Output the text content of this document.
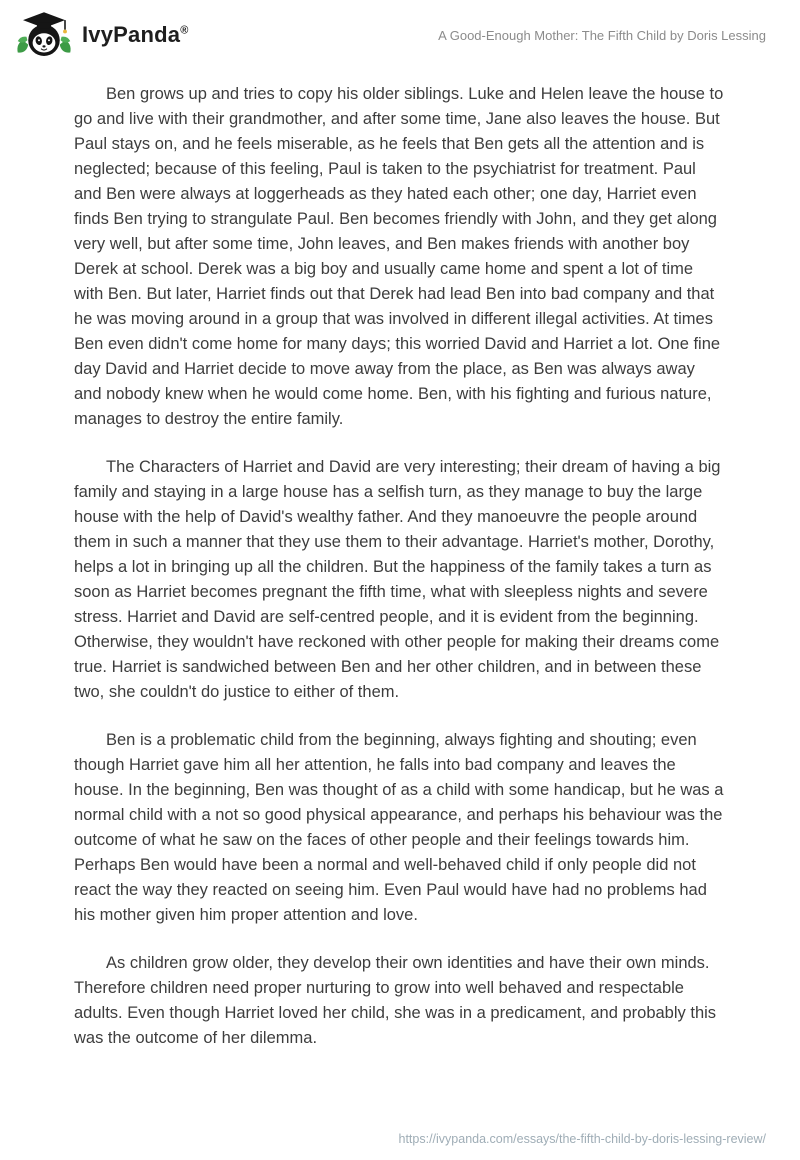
IvyPanda®	A Good-Enough Mother: The Fifth Child by Doris Lessing

Ben grows up and tries to copy his older siblings. Luke and Helen leave the house to go and live with their grandmother, and after some time, Jane also leaves the house. But Paul stays on, and he feels miserable, as he feels that Ben gets all the attention and is neglected; because of this feeling, Paul is taken to the psychiatrist for treatment. Paul and Ben were always at loggerheads as they hated each other; one day, Harriet even finds Ben trying to strangulate Paul. Ben becomes friendly with John, and they get along very well, but after some time, John leaves, and Ben makes friends with another boy Derek at school. Derek was a big boy and usually came home and spent a lot of time with Ben. But later, Harriet finds out that Derek had lead Ben into bad company and that he was moving around in a group that was involved in different illegal activities. At times Ben even didn't come home for many days; this worried David and Harriet a lot. One fine day David and Harriet decide to move away from the place, as Ben was always away and nobody knew when he would come home. Ben, with his fighting and furious nature, manages to destroy the entire family.

The Characters of Harriet and David are very interesting; their dream of having a big family and staying in a large house has a selfish turn, as they manage to buy the large house with the help of David's wealthy father. And they manoeuvre the people around them in such a manner that they use them to their advantage. Harriet's mother, Dorothy, helps a lot in bringing up all the children. But the happiness of the family takes a turn as soon as Harriet becomes pregnant the fifth time, what with sleepless nights and severe stress. Harriet and David are self-centred people, and it is evident from the beginning. Otherwise, they wouldn't have reckoned with other people for making their dreams come true. Harriet is sandwiched between Ben and her other children, and in between these two, she couldn't do justice to either of them.

Ben is a problematic child from the beginning, always fighting and shouting; even though Harriet gave him all her attention, he falls into bad company and leaves the house. In the beginning, Ben was thought of as a child with some handicap, but he was a normal child with a not so good physical appearance, and perhaps his behaviour was the outcome of what he saw on the faces of other people and their feelings towards him. Perhaps Ben would have been a normal and well-behaved child if only people did not react the way they reacted on seeing him. Even Paul would have had no problems had his mother given him proper attention and love.

As children grow older, they develop their own identities and have their own minds. Therefore children need proper nurturing to grow into well behaved and respectable adults. Even though Harriet loved her child, she was in a predicament, and probably this was the outcome of her dilemma.

https://ivypanda.com/essays/the-fifth-child-by-doris-lessing-review/
